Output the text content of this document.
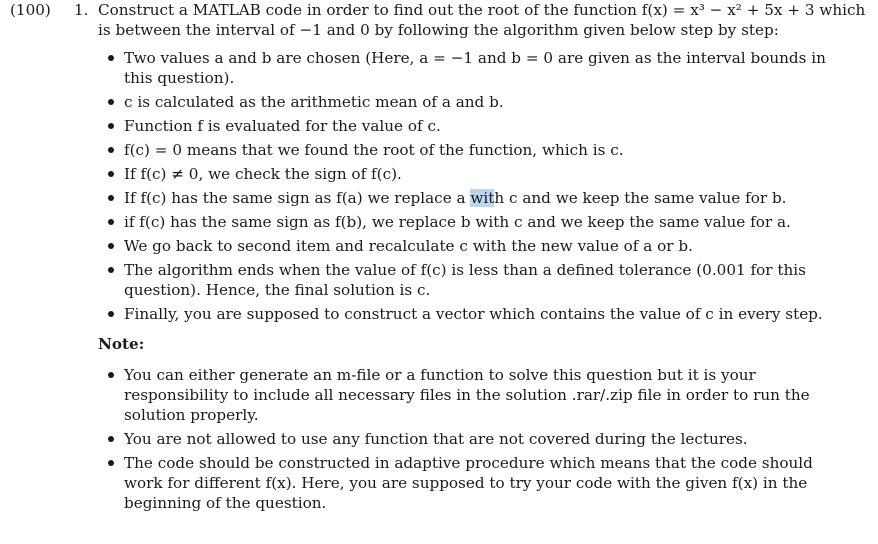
(100) 1. Construct a MATLAB code in order to find out the root of the function f(x) = x³ − x² + 5x + 3 which
is between the interval of −1 and 0 by following the algorithm given below step by step:
Two values a and b are chosen (Here, a = −1 and b = 0 are given as the interval bounds in this question).
c is calculated as the arithmetic mean of a and b.
Function f is evaluated for the value of c.
f(c) = 0 means that we found the root of the function, which is c.
If f(c) ≠ 0, we check the sign of f(c).
If f(c) has the same sign as f(a) we replace a with c and we keep the same value for b.
if f(c) has the same sign as f(b), we replace b with c and we keep the same value for a.
We go back to second item and recalculate c with the new value of a or b.
The algorithm ends when the value of f(c) is less than a defined tolerance (0.001 for this question). Hence, the final solution is c.
Finally, you are supposed to construct a vector which contains the value of c in every step.
Note:
You can either generate an m-file or a function to solve this question but it is your responsibility to include all necessary files in the solution .rar/.zip file in order to run the solution properly.
You are not allowed to use any function that are not covered during the lectures.
The code should be constructed in adaptive procedure which means that the code should work for different f(x). Here, you are supposed to try your code with the given f(x) in the beginning of the question.
